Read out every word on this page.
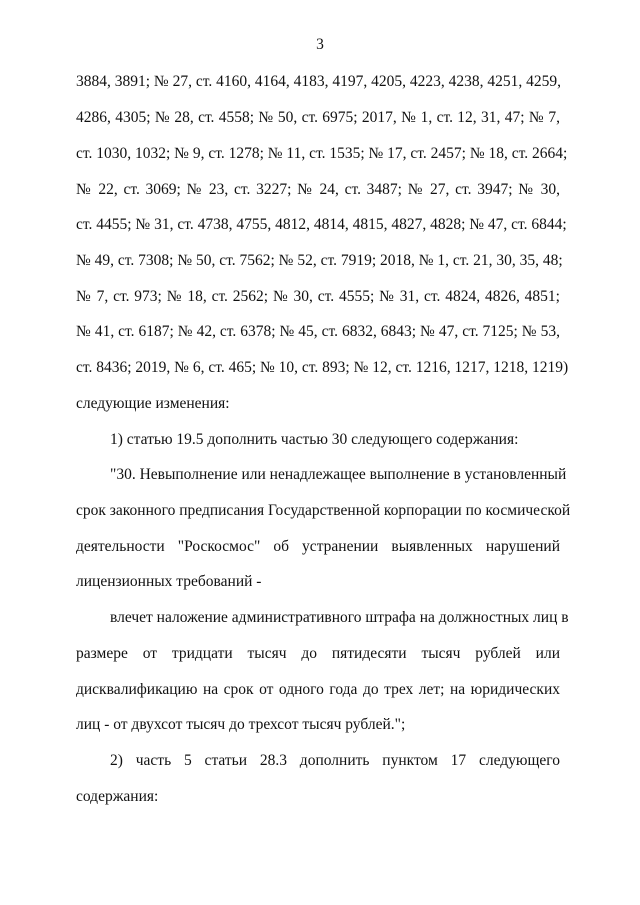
3
3884, 3891; № 27, ст. 4160, 4164, 4183, 4197, 4205, 4223, 4238, 4251, 4259,
4286, 4305; № 28, ст. 4558; № 50, ст. 6975; 2017, № 1, ст. 12, 31, 47; № 7,
ст. 1030, 1032; № 9, ст. 1278; № 11, ст. 1535; № 17, ст. 2457; № 18, ст. 2664;
№ 22, ст. 3069; № 23, ст. 3227; № 24, ст. 3487; № 27, ст. 3947; № 30,
ст. 4455; № 31, ст. 4738, 4755, 4812, 4814, 4815, 4827, 4828; № 47, ст. 6844;
№ 49, ст. 7308; № 50, ст. 7562; № 52, ст. 7919; 2018, № 1, ст. 21, 30, 35, 48;
№ 7, ст. 973; № 18, ст. 2562; № 30, ст. 4555; № 31, ст. 4824, 4826, 4851;
№ 41, ст. 6187; № 42, ст. 6378; № 45, ст. 6832, 6843; № 47, ст. 7125; № 53,
ст. 8436; 2019, № 6, ст. 465; № 10, ст. 893; № 12, ст. 1216, 1217, 1218, 1219)
следующие изменения:
1) статью 19.5 дополнить частью 30 следующего содержания:
"30. Невыполнение или ненадлежащее выполнение в установленный
срок законного предписания Государственной корпорации по космической
деятельности "Роскосмос" об устранении выявленных нарушений
лицензионных требований -
влечет наложение административного штрафа на должностных лиц в
размере от тридцати тысяч до пятидесяти тысяч рублей или
дисквалификацию на срок от одного года до трех лет; на юридических
лиц - от двухсот тысяч до трехсот тысяч рублей.";
2) часть 5 статьи 28.3 дополнить пунктом 17 следующего
содержания:
